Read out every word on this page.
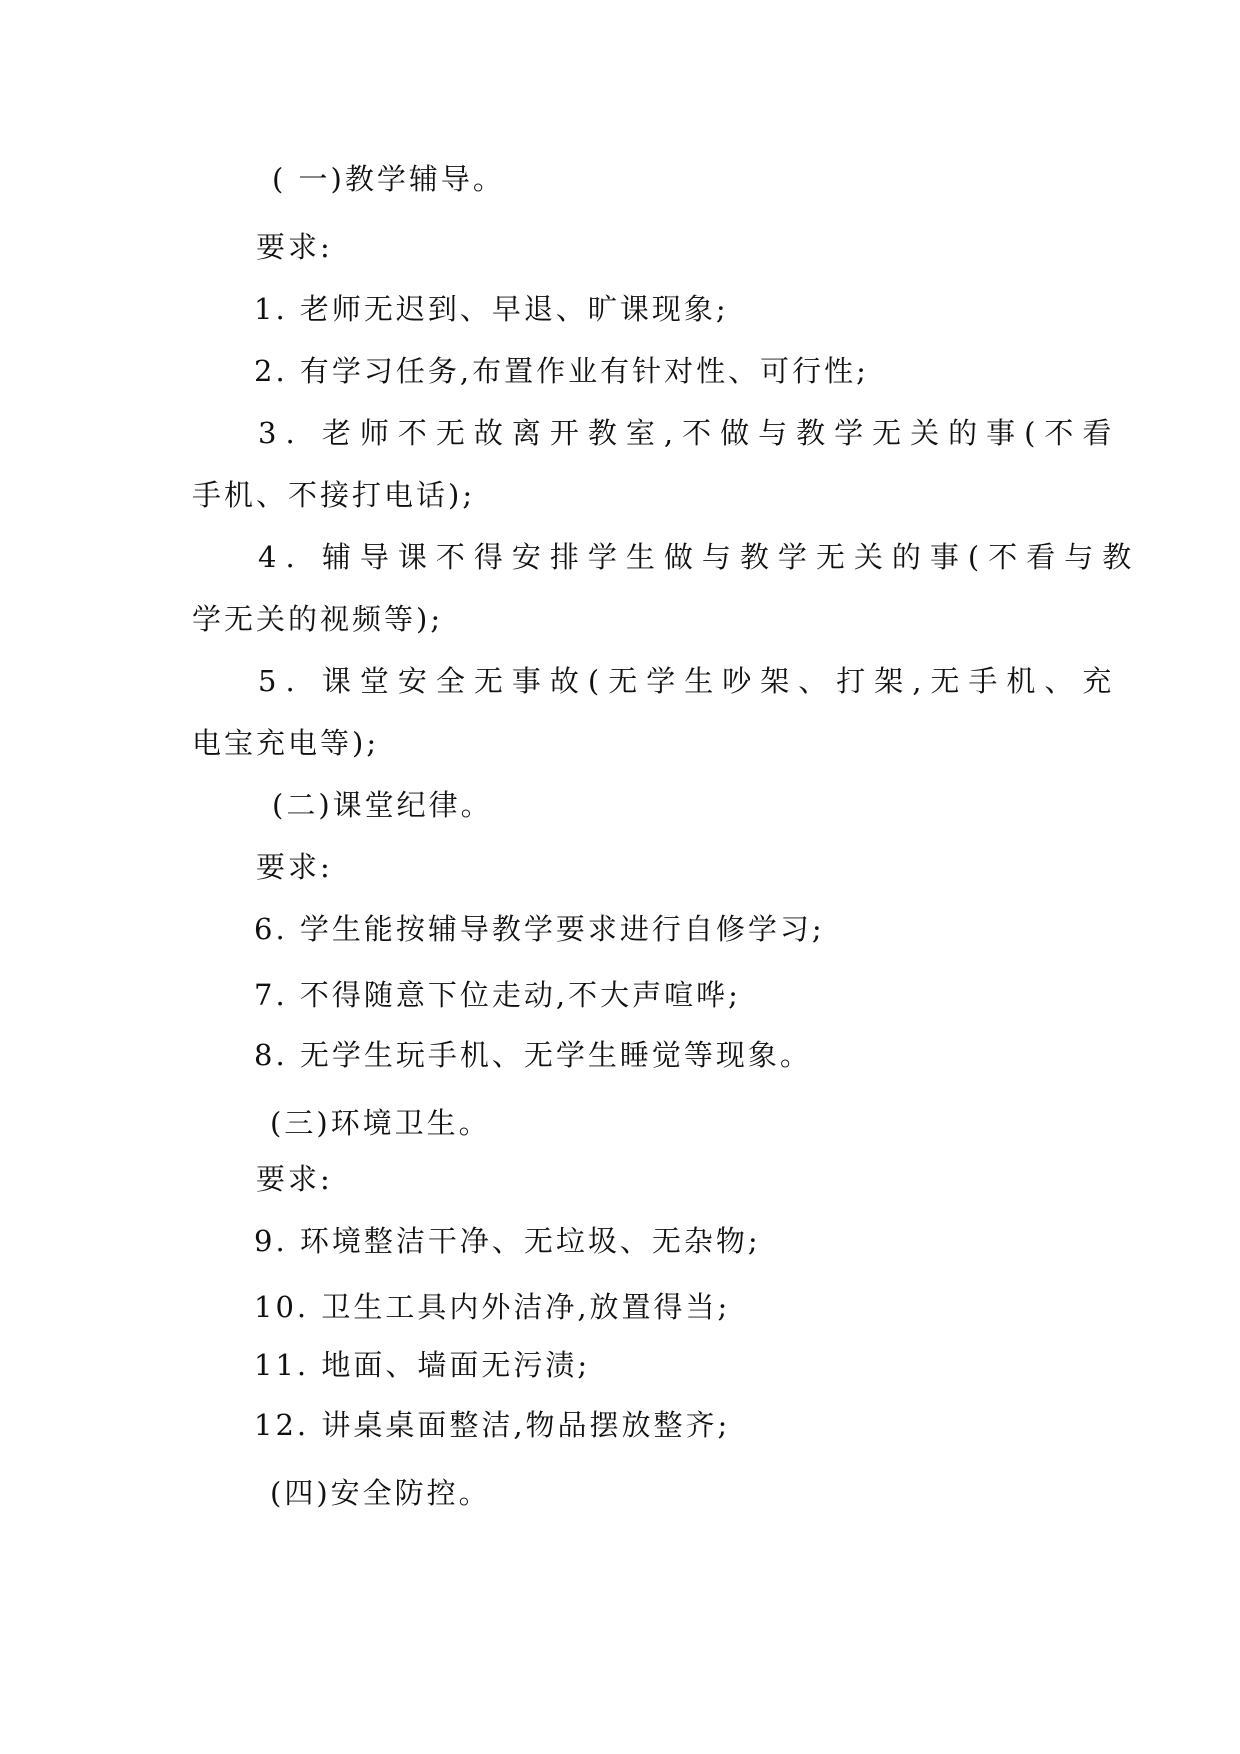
( 一)教学辅导。
要求:
1. 老师无迟到、早退、旷课现象;
2. 有学习任务,布置作业有针对性、可行性;
3. 老师不无故离开教室,不做与教学无关的事(不看
手机、不接打电话);
4. 辅导课不得安排学生做与教学无关的事(不看与教
学无关的视频等);
5. 课堂安全无事故(无学生吵架、打架,无手机、充
电宝充电等);
(二)课堂纪律。
要求:
6. 学生能按辅导教学要求进行自修学习;
7. 不得随意下位走动,不大声喧哗;
8. 无学生玩手机、无学生睡觉等现象。
(三)环境卫生。
要求:
9. 环境整洁干净、无垃圾、无杂物;
10. 卫生工具内外洁净,放置得当;
11. 地面、墙面无污渍;
12. 讲桌桌面整洁,物品摆放整齐;
(四)安全防控。
